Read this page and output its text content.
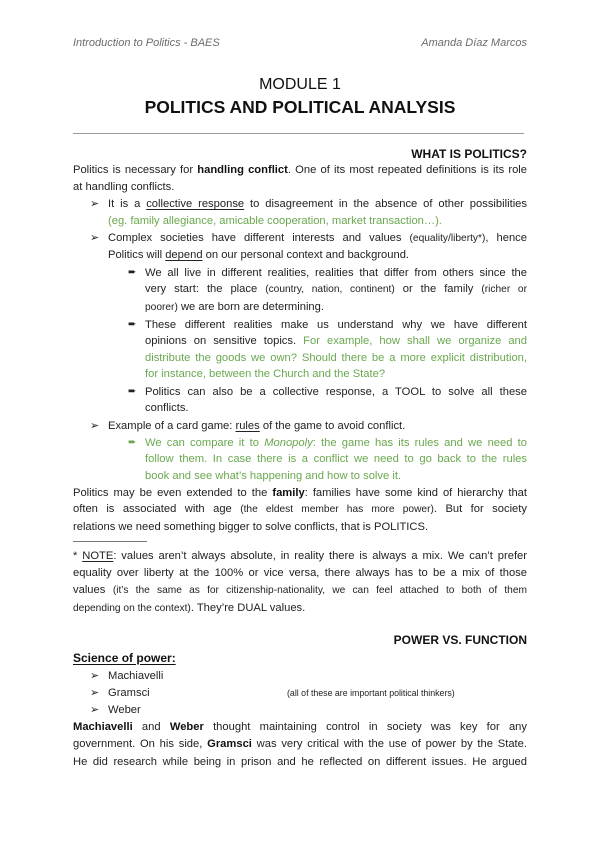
Introduction to Politics - BAES	Amanda Díaz Marcos
MODULE 1
POLITICS AND POLITICAL ANALYSIS
WHAT IS POLITICS?
Politics is necessary for handling conflict. One of its most repeated definitions is its role
at handling conflicts.
➢
It is a collective response to disagreement in the absence of other possibilities
(eg. family allegiance, amicable cooperation, market transaction…).
➢
Complex societies have different interests and values (equality/liberty*), hence
Politics will depend on our personal context and background.
➨
We all live in different realities, realities that differ from others since the
very start: the place (country, nation, continent) or the family (richer or
poorer) we are born are determining.
➨
These different realities make us understand why we have different
opinions on sensitive topics. For example, how shall we organize and
distribute the goods we own? Should there be a more explicit distribution,
for instance, between the Church and the State?
➨
Politics can also be a collective response, a TOOL to solve all these
conflicts.
➢
Example of a card game: rules of the game to avoid conflict.
➨
We can compare it to Monopoly: the game has its rules and we need to
follow them. In case there is a conflict we need to go back to the rules
book and see what’s happening and how to solve it.
Politics may be even extended to the family: families have some kind of hierarchy that
often is associated with age (the eldest member has more power). But for society
relations we need something bigger to solve conflicts, that is POLITICS.
* NOTE: values aren’t always absolute, in reality there is always a mix. We can’t prefer
equality over liberty at the 100% or vice versa, there always has to be a mix of those
values (it’s the same as for citizenship-nationality, we can feel attached to both of them
depending on the context). They’re DUAL values.
POWER VS. FUNCTION
Science of power:
➢
Machiavelli
➢
Gramsci	(all of these are important political thinkers)
➢
Weber
Machiavelli and Weber thought maintaining control in society was key for any
government. On his side, Gramsci was very critical with the use of power by the State.
He did research while being in prison and he reflected on different issues. He argued
